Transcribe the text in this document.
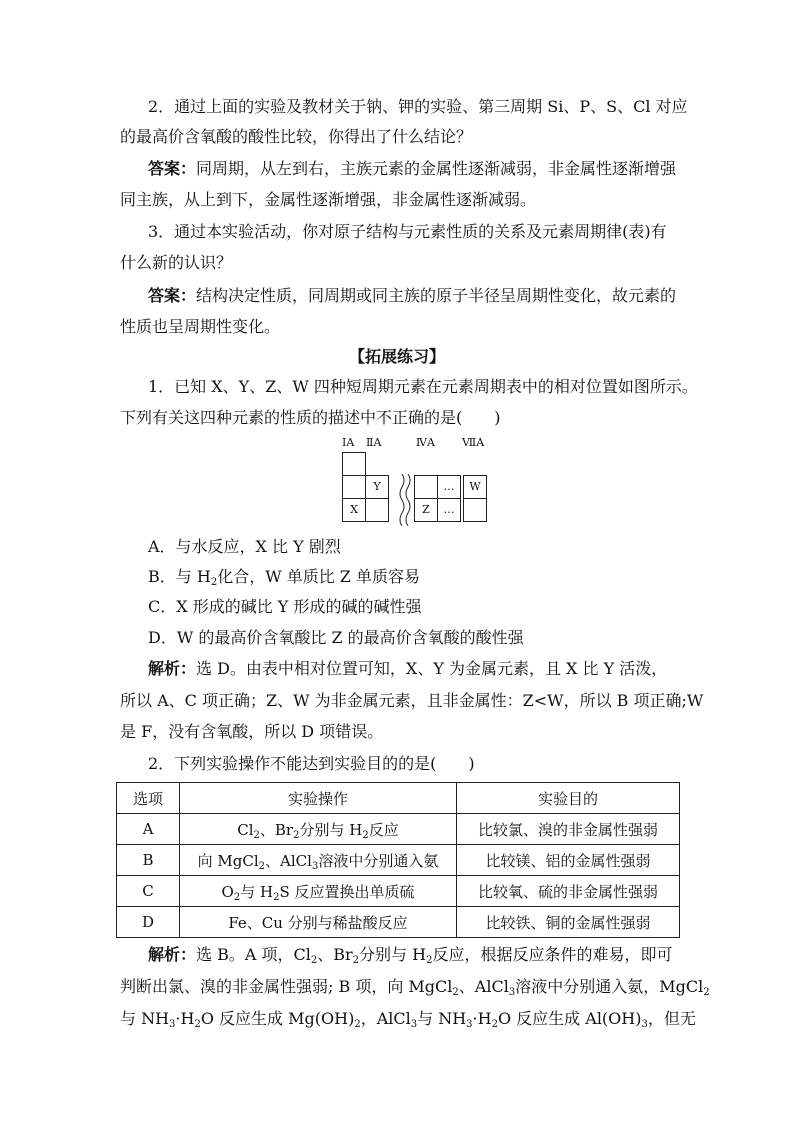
2．通过上面的实验及教材关于钠、钾的实验、第三周期 Si、P、S、Cl 对应
的最高价含氧酸的酸性比较，你得出了什么结论？
答案：同周期，从左到右，主族元素的金属性逐渐减弱，非金属性逐渐增强
同主族，从上到下，金属性逐渐增强，非金属性逐渐减弱。
3．通过本实验活动，你对原子结构与元素性质的关系及元素周期律(表)有
什么新的认识？
答案：结构决定性质，同周期或同主族的原子半径呈周期性变化，故元素的
性质也呈周期性变化。
【拓展练习】
1．已知 X、Y、Z、W 四种短周期元素在元素周期表中的相对位置如图所示。
下列有关这四种元素的性质的描述中不正确的是(　　)
ⅠA ⅡA	ⅣA ⅦA
Y	…	W
X	Z	…
A．与水反应，X 比 Y 剧烈
B．与 $H_2$化合，W 单质比 Z 单质容易
C．X 形成的碱比 Y 形成的碱的碱性强
D．W 的最高价含氧酸比 Z 的最高价含氧酸的酸性强
解析：选 D。由表中相对位置可知，X、Y 为金属元素，且 X 比 Y 活泼，
所以 A、C 项正确；Z、W 为非金属元素，且非金属性：Z<W，所以 B 项正确;W
是 F，没有含氧酸，所以 D 项错误。
2．下列实验操作不能达到实验目的的是(　　)
选项	实验操作	实验目的
A	$Cl_2$、$Br_2$分别与 $H_2$反应	比较氯、溴的非金属性强弱
B	向 MgCl$_2$、AlCl$_3$溶液中分别通入氨	比较镁、铝的金属性强弱
C	$O_2$与 $H_2S$ 反应置换出单质硫	比较氧、硫的非金属性强弱
D	Fe、Cu 分别与稀盐酸反应	比较铁、铜的金属性强弱
解析：选 B。A 项，$Cl_2$、$Br_2$分别与 $H_2$反应，根据反应条件的难易，即可
判断出氯、溴的非金属性强弱; B 项，向 MgCl$_2$、AlCl$_3$溶液中分别通入氨，MgCl$_2$
与 $NH_3\cdot H_2O$ 反应生成 $Mg(OH)_2$，AlCl$_3$与 $NH_3\cdot H_2O$ 反应生成 $Al(OH)_3$，但无
